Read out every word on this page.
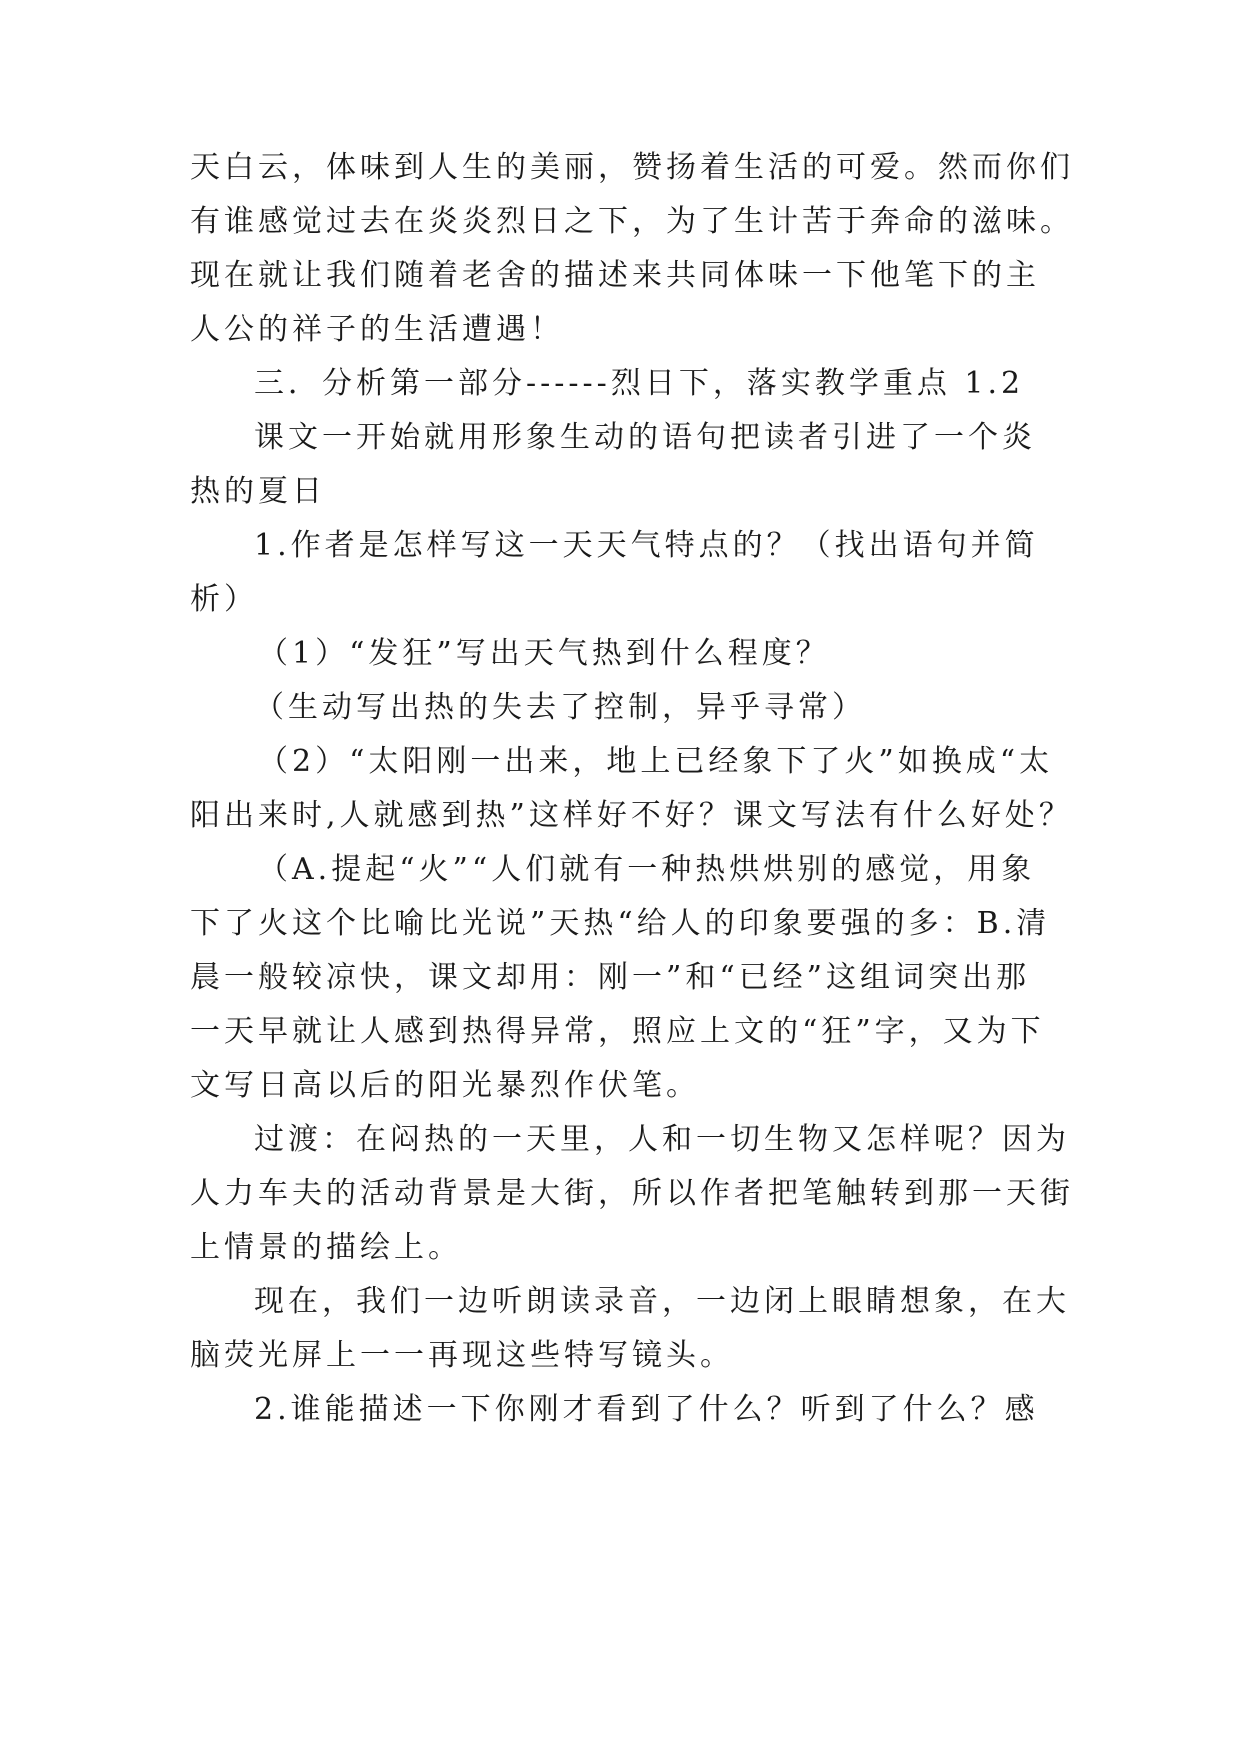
天白云，体味到人生的美丽，赞扬着生活的可爱。然而你们
有谁感觉过去在炎炎烈日之下，为了生计苦于奔命的滋味。
现在就让我们随着老舍的描述来共同体味一下他笔下的主
人公的祥子的生活遭遇！
三．分析第一部分------烈日下，落实教学重点 1.2
课文一开始就用形象生动的语句把读者引进了一个炎
热的夏日
1.作者是怎样写这一天天气特点的？（找出语句并简
析）
（1）“发狂”写出天气热到什么程度？
（生动写出热的失去了控制，异乎寻常）
（2）“太阳刚一出来，地上已经象下了火”如换成“太
阳出来时,人就感到热”这样好不好？课文写法有什么好处？
（A.提起“火”“人们就有一种热烘烘别的感觉，用象
下了火这个比喻比光说”天热“给人的印象要强的多：B.清
晨一般较凉快，课文却用：刚一”和“已经”这组词突出那
一天早就让人感到热得异常，照应上文的“狂”字，又为下
文写日高以后的阳光暴烈作伏笔。
过渡：在闷热的一天里，人和一切生物又怎样呢？因为
人力车夫的活动背景是大街，所以作者把笔触转到那一天街
上情景的描绘上。
现在，我们一边听朗读录音，一边闭上眼睛想象，在大
脑荧光屏上一一再现这些特写镜头。
2.谁能描述一下你刚才看到了什么？听到了什么？感
